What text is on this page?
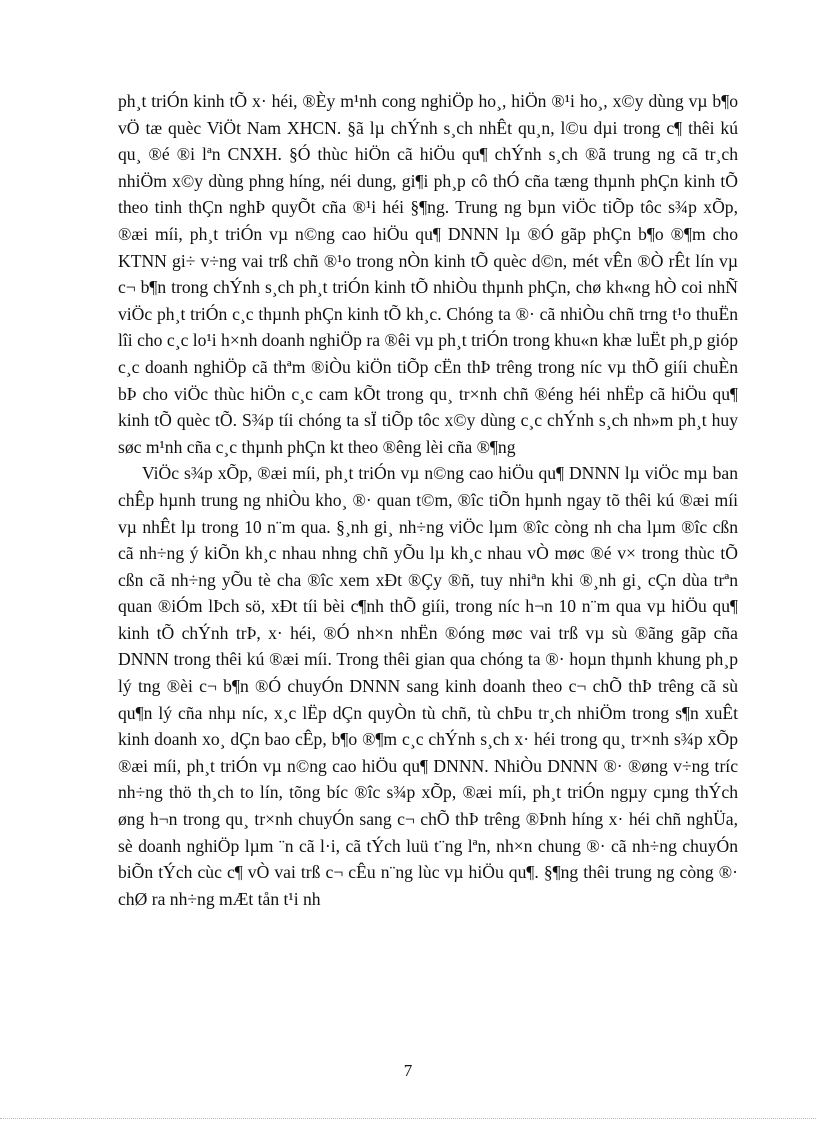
ph¸t triÓn kinh tÕ x· héi, ®Èy m¹nh cong nghiÖp ho¸, hiÖn ®¹i ho¸, x©y dùng vµ b¶o vÖ tæ quèc ViÖt Nam XHCN. §ã lµ chÝnh s¸ch nhÊt qu¸n, l©u dµi trong c¶ thêi kú qu¸ ®é ®i lªn CNXH. §Ó thùc hiÖn cã hiÖu qu¶ chÝnh s¸ch ®ã trung ng cã tr¸ch nhiÖm x©y dùng phng híng, néi dung, gi¶i ph¸p cô thÓ cña tæng thµnh phÇn kinh tÕ theo tinh thÇn nghÞ quyÕt cña ®¹i héi §¶ng. Trung ng bµn viÖc tiÕp tôc s¾p xÕp, ®æi míi, ph¸t triÓn vµ n©ng cao hiÖu qu¶ DNNN lµ ®Ó gãp phÇn b¶o ®¶m cho KTNN gi÷ v÷ng vai trß chñ ®¹o trong nÒn kinh tÕ quèc d©n, mét vÊn ®Ò rÊt lín vµ c¬ b¶n trong chÝnh s¸ch ph¸t triÓn kinh tÕ nhiÒu thµnh phÇn, chø kh«ng hÒ coi nhÑ viÖc ph¸t triÓn c¸c thµnh phÇn kinh tÕ kh¸c. Chóng ta ®· cã nhiÒu chñ trng t¹o thuËn lîi cho c¸c lo¹i h×nh doanh nghiÖp ra ®êi vµ ph¸t triÓn trong khu«n khæ luËt ph¸p gióp c¸c doanh nghiÖp cã thªm ®iÒu kiÖn tiÕp cËn thÞ trêng trong níc vµ thÕ giíi chuÈn bÞ cho viÖc thùc hiÖn c¸c cam kÕt trong qu¸ tr×nh chñ ®éng héi nhËp cã hiÖu qu¶ kinh tÕ quèc tÕ. S¾p tíi chóng ta sÏ tiÕp tôc x©y dùng c¸c chÝnh s¸ch nh»m ph¸t huy søc m¹nh cña c¸c thµnh phÇn kt theo ®êng lèi cña ®¶ng

ViÖc s¾p xÕp, ®æi míi, ph¸t triÓn vµ n©ng cao hiÖu qu¶ DNNN lµ viÖc mµ ban chÊp hµnh trung ng nhiÒu kho¸ ®· quan t©m, ®îc tiÕn hµnh ngay tõ thêi kú ®æi míi vµ nhÊt lµ trong 10 n¨m qua. §¸nh gi¸ nh÷ng viÖc lµm ®îc còng nh cha lµm ®îc cßn cã nh÷ng ý kiÕn kh¸c nhau nhng chñ yÕu lµ kh¸c nhau vÒ møc ®é v× trong thùc tÕ cßn cã nh÷ng yÕu tè cha ®îc xem xÐt ®Çy ®ñ, tuy nhiªn khi ®¸nh gi¸ cÇn dùa trªn quan ®iÓm lÞch sö, xÐt tíi bèi c¶nh thÕ giíi, trong níc h¬n 10 n¨m qua vµ hiÖu qu¶ kinh tÕ chÝnh trÞ, x· héi, ®Ó nh×n nhËn ®óng møc vai trß vµ sù ®ãng gãp cña DNNN trong thêi kú ®æi míi. Trong thêi gian qua chóng ta ®· hoµn thµnh khung ph¸p lý tng ®èi c¬ b¶n ®Ó chuyÓn DNNN sang kinh doanh theo c¬ chÕ thÞ trêng cã sù qu¶n lý cña nhµ níc, x¸c lËp dÇn quyÒn tù chñ, tù chÞu tr¸ch nhiÖm trong s¶n xuÊt kinh doanh xo¸ dÇn bao cÊp, b¶o ®¶m c¸c chÝnh s¸ch x· héi trong qu¸ tr×nh s¾p xÕp ®æi míi, ph¸t triÓn vµ n©ng cao hiÖu qu¶ DNNN. NhiÒu DNNN ®· ®øng v÷ng tríc nh÷ng thö th¸ch to lín, tõng bíc ®îc s¾p xÕp, ®æi míi, ph¸t triÓn ngµy cµng thÝch øng h¬n trong qu¸ tr×nh chuyÓn sang c¬ chÕ thÞ trêng ®Þnh híng x· héi chñ nghÜa, sè doanh nghiÖp lµm ¨n cã l·i, cã tÝch luü t¨ng lªn, nh×n chung ®· cã nh÷ng chuyÓn biÕn tÝch cùc c¶ vÒ vai trß c¬ cÊu n¨ng lùc vµ hiÖu qu¶. §¶ng thêi trung ng còng ®· chØ ra nh÷ng mÆt tån t¹i nh

7
